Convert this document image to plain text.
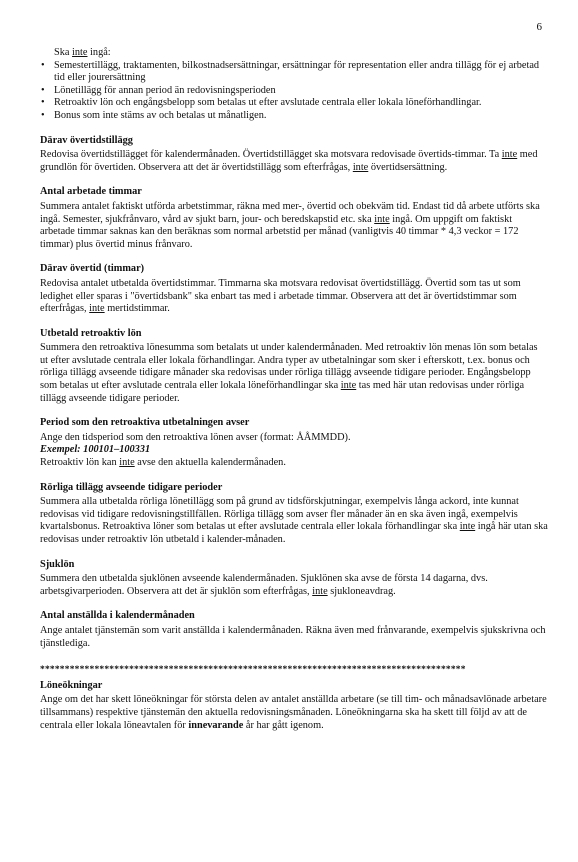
6
Ska inte ingå:
• Semestertillägg, traktamenten, bilkostnadsersättningar, ersättningar för representation eller andra tillägg för ej arbetad tid eller jourersättning
• Lönetillägg för annan period än redovisningsperioden
• Retroaktiv lön och engångsbelopp som betalas ut efter avslutade centrala eller lokala löneförhandlingar.
• Bonus som inte stäms av och betalas ut månatligen.
Därav övertidstillägg
Redovisa övertidstillägget för kalendermånaden. Övertidstillägget ska motsvara redovisade övertids-timmar. Ta inte med grundlön för övertiden. Observera att det är övertidstillägg som efterfrågas, inte övertidsersättning.
Antal arbetade timmar
Summera antalet faktiskt utförda arbetstimmar, räkna med mer-, övertid och obekväm tid. Endast tid då arbete utförts ska ingå. Semester, sjukfrånvaro, vård av sjukt barn, jour- och beredskapstid etc. ska inte ingå. Om uppgift om faktiskt arbetade timmar saknas kan den beräknas som normal arbetstid per månad (vanligtvis 40 timmar * 4,3 veckor = 172 timmar) plus övertid minus frånvaro.
Därav övertid (timmar)
Redovisa antalet utbetalda övertidstimmar. Timmarna ska motsvara redovisat övertidstillägg. Övertid som tas ut som ledighet eller sparas i "övertidsbank" ska enbart tas med i arbetade timmar. Observera att det är övertidstimmar som efterfrågas, inte mertidstimmar.
Utbetald retroaktiv lön
Summera den retroaktiva lönesumma som betalats ut under kalendermånaden. Med retroaktiv lön menas lön som betalas ut efter avslutade centrala eller lokala förhandlingar. Andra typer av utbetalningar som sker i efterskott, t.ex. bonus och rörliga tillägg avseende tidigare månader ska redovisas under rörliga tillägg avseende tidigare perioder. Engångsbelopp som betalas ut efter avslutade centrala eller lokala löneförhandlingar ska inte tas med här utan redovisas under rörliga tillägg avseende tidigare perioder.
Period som den retroaktiva utbetalningen avser
Ange den tidsperiod som den retroaktiva lönen avser (format: ÅÅMMDD).
Exempel: 100101–100331
Retroaktiv lön kan inte avse den aktuella kalendermånaden.
Rörliga tillägg avseende tidigare perioder
Summera alla utbetalda rörliga lönetillägg som på grund av tidsförskjutningar, exempelvis långa ackord, inte kunnat redovisas vid tidigare redovisningstillfällen. Rörliga tillägg som avser fler månader än en ska även ingå, exempelvis kvartalsbonus. Retroaktiva löner som betalas ut efter avslutade centrala eller lokala förhandlingar ska inte ingå här utan ska redovisas under retroaktiv lön utbetald i kalender-månaden.
Sjuklön
Summera den utbetalda sjuklönen avseende kalendermånaden. Sjuklönen ska avse de första 14 dagarna, dvs. arbetsgivarperioden. Observera att det är sjuklön som efterfrågas, inte sjukloneavdrag.
Antal anställda i kalendermånaden
Ange antalet tjänstemän som varit anställda i kalendermånaden. Räkna även med frånvarande, exempelvis sjukskrivna och tjänstlediga.
**************************************************************************************
Löneökningar
Ange om det har skett löneökningar för största delen av antalet anställda arbetare (se till tim- och månadsavlönade arbetare tillsammans) respektive tjänstemän den aktuella redovisningsmånaden. Löneökningarna ska ha skett till följd av att de centrala eller lokala löneavtalen för innevarande år har gått igenom.
